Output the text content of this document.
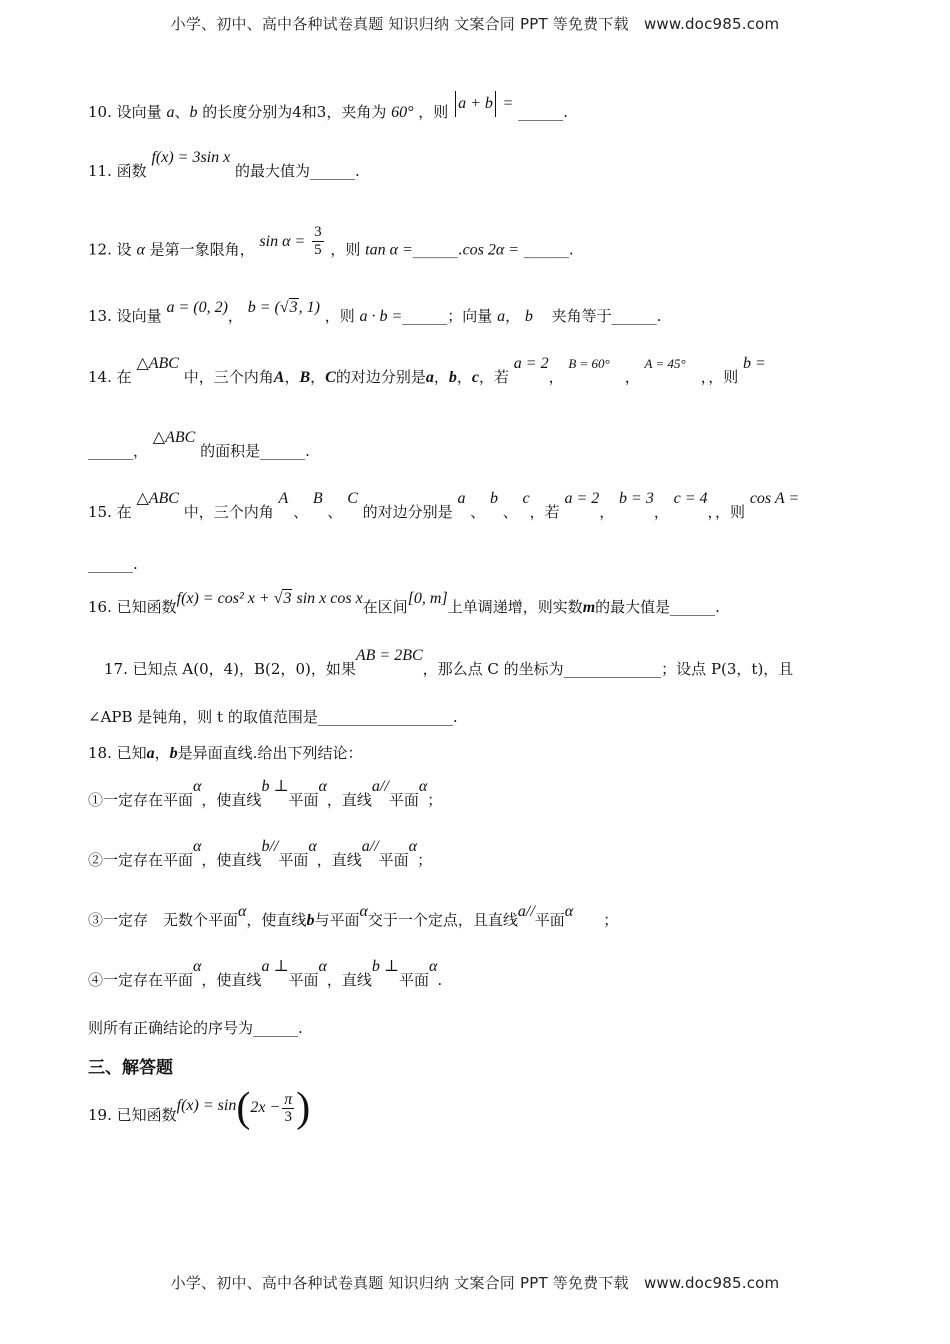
小学、初中、高中各种试卷真题 知识归纳 文案合同 PPT 等免费下载　www.doc985.com
10. 设向量 a、b 的长度分别为4和3，夹角为 60° ，则 a + b = ______.
11. 函数 f(x) = 3sin x 的最大值为______.
12. 设 α 是第一象限角， $\sin \alpha = \frac{3}{5}$ ，则 tan α =______.cos 2α = ______.
13. 设向量 a = (0, 2)， b = (√3, 1) ，则 a · b =______；向量 a， b 夹角等于______.
14. 在 △ABC 中，三个内角A，B，C的对边分别是a，b，c，若 a = 2， B = 60°　， A = 45°　，，则 b =
______， △ABC 的面积是______.
15. 在 △ABC 中，三个内角 A 、 B 、 C 的对边分别是 a 、 b 、 c，若 a = 2， b = 3， c = 4，，则 cos A =
______.
16. 已知函数f(x) = cos² x + √3 sin x cos x在区间[0, m]上单调递增，则实数m的最大值是______.
17. 已知点 A(0，4)，B(2，0)，如果AB = 2BC，那么点 C 的坐标为_____________；设点 P(3，t)，且
∠APB 是钝角，则 t 的取值范围是__________________.
18. 已知a，b是异面直线.给出下列结论：
①一定存在平面α，使直线b ⊥平面α，直线a//平面α；
②一定存在平面α，使直线b//平面α，直线a//平面α；
③一定存　无数个平面α，使直线b与平面α交于一个定点，且直线a//平面α ；
④一定存在平面α，使直线a ⊥平面α，直线b ⊥平面α.
则所有正确结论的序号为______.
三、解答题
19. 已知函数$f(x) = \sin(2x - \frac{\pi}{3}$ )
小学、初中、高中各种试卷真题 知识归纳 文案合同 PPT 等免费下载　www.doc985.com
